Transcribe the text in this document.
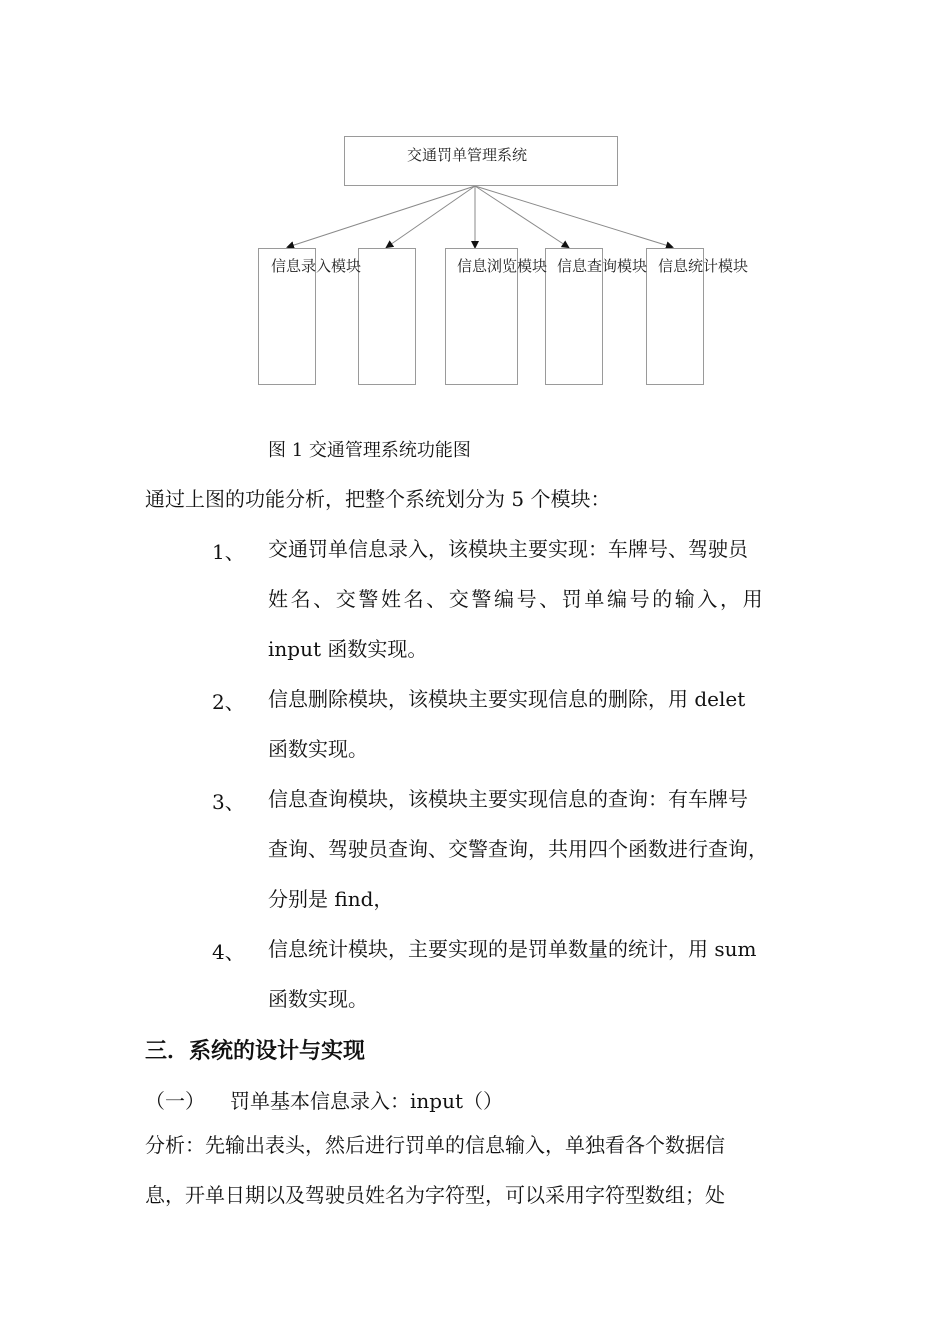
交通罚单管理系统
信息录入模块	信息浏览模块 信息查询模块 信息统计模块
图 1 交通管理系统功能图
通过上图的功能分析，把整个系统划分为 5 个模块：
1、 交通罚单信息录入，该模块主要实现：车牌号、驾驶员
姓名、交警姓名、交警编号、罚单编号的输入，用
input 函数实现。
2、 信息删除模块，该模块主要实现信息的删除，用 delet
函数实现。
3、 信息查询模块，该模块主要实现信息的查询：有车牌号
查询、驾驶员查询、交警查询，共用四个函数进行查询，
分别是 find，
4、 信息统计模块，主要实现的是罚单数量的统计，用 sum
函数实现。
三．系统的设计与实现
（一） 罚单基本信息录入：input（）
分析：先输出表头，然后进行罚单的信息输入，单独看各个数据信
息，开单日期以及驾驶员姓名为字符型，可以采用字符型数组；处
